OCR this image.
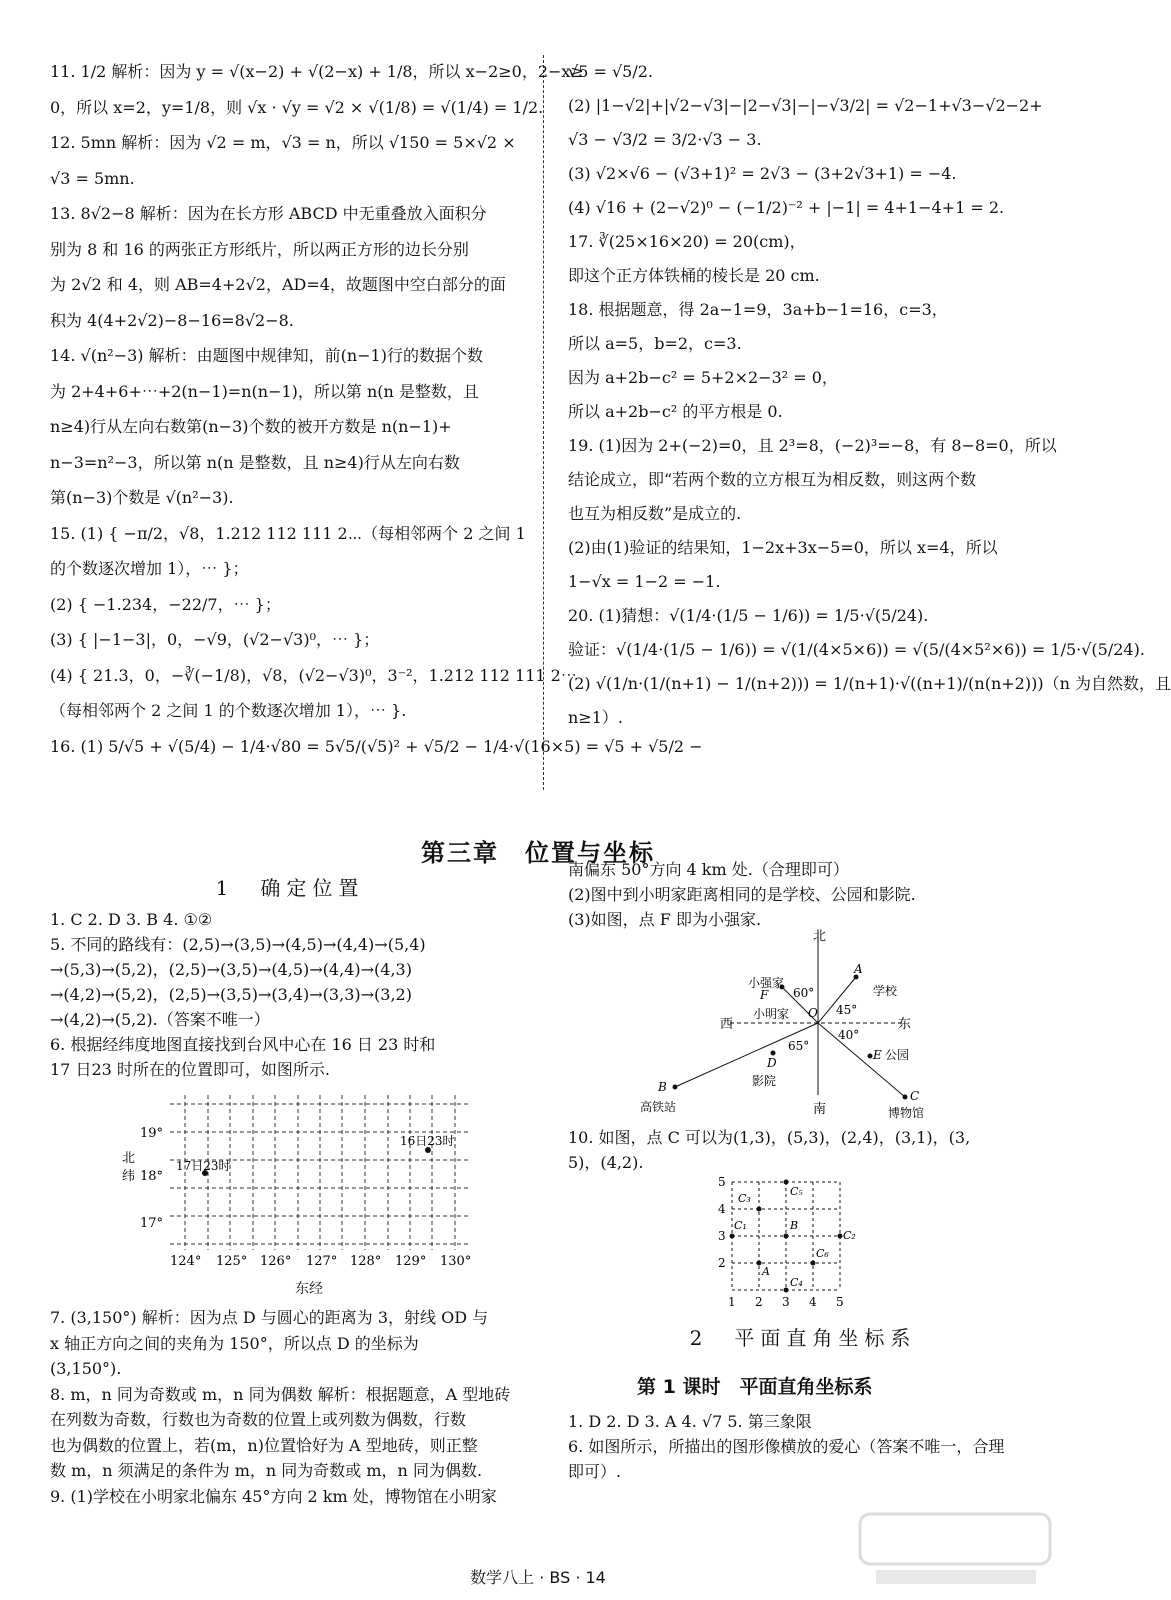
11. 1/2 解析：因为 y = √(x−2) + √(2−x) + 1/8，所以 x−2≥0，2−x≥
0，所以 x=2，y=1/8，则 √x · √y = √2 × √(1/8) = √(1/4) = 1/2.
12. 5mn 解析：因为 √2 = m，√3 = n，所以 √150 = 5×√2 ×
√3 = 5mn.
13. 8√2−8 解析：因为在长方形 ABCD 中无重叠放入面积分
别为 8 和 16 的两张正方形纸片，所以两正方形的边长分别
为 2√2 和 4，则 AB=4+2√2，AD=4，故题图中空白部分的面
积为 4(4+2√2)−8−16=8√2−8.
14. √(n²−3) 解析：由题图中规律知，前(n−1)行的数据个数
为 2+4+6+⋯+2(n−1)=n(n−1)，所以第 n(n 是整数，且
n≥4)行从左向右数第(n−3)个数的被开方数是 n(n−1)+
n−3=n²−3，所以第 n(n 是整数，且 n≥4)行从左向右数
第(n−3)个数是 √(n²−3).
15. (1) { −π/2，√8，1.212 112 111 2⋯（每相邻两个 2 之间 1
的个数逐次增加 1），⋯ }；
(2) { −1.234，−22/7，⋯ }；
(3) { |−1−3|，0，−√9，(√2−√3)⁰，⋯ }；
(4) { 21.3，0，−∛(−1/8)，√8，(√2−√3)⁰，3⁻²，1.212 112 111 2⋯
（每相邻两个 2 之间 1 的个数逐次增加 1），⋯ }.
16. (1) 5/√5 + √(5/4) − 1/4·√80 = 5√5/(√5)² + √5/2 − 1/4·√(16×5) = √5 + √5/2 −
√5 = √5/2.
(2) |1−√2|+|√2−√3|−|2−√3|−|−√3/2| = √2−1+√3−√2−2+
√3 − √3/2 = 3/2·√3 − 3.
(3) √2×√6 − (√3+1)² = 2√3 − (3+2√3+1) = −4.
(4) √16 + (2−√2)⁰ − (−1/2)⁻² + |−1| = 4+1−4+1 = 2.
17. ∛(25×16×20) = 20(cm)，
即这个正方体铁桶的棱长是 20 cm.
18. 根据题意，得 2a−1=9，3a+b−1=16，c=3，
所以 a=5，b=2，c=3.
因为 a+2b−c² = 5+2×2−3² = 0，
所以 a+2b−c² 的平方根是 0.
19. (1)因为 2+(−2)=0，且 2³=8，(−2)³=−8，有 8−8=0，所以
结论成立，即“若两个数的立方根互为相反数，则这两个数
也互为相反数”是成立的.
(2)由(1)验证的结果知，1−2x+3x−5=0，所以 x=4，所以
1−√x = 1−2 = −1.
20. (1)猜想：√(1/4·(1/5 − 1/6)) = 1/5·√(5/24).
验证：√(1/4·(1/5 − 1/6)) = √(1/(4×5×6)) = √(5/(4×5²×6)) = 1/5·√(5/24).
(2) √(1/n·(1/(n+1) − 1/(n+2))) = 1/(n+1)·√((n+1)/(n(n+2)))（n 为自然数，且
n≥1）.
第三章　位置与坐标
1　确定位置
1. C 2. D 3. B 4. ①②
5. 不同的路线有：(2,5)→(3,5)→(4,5)→(4,4)→(5,4)
→(5,3)→(5,2)，(2,5)→(3,5)→(4,5)→(4,4)→(4,3)
→(4,2)→(5,2)，(2,5)→(3,5)→(3,4)→(3,3)→(3,2)
→(4,2)→(5,2).（答案不唯一）
6. 根据经纬度地图直接找到台风中心在 16 日 23 时和
17 日23 时所在的位置即可，如图所示.
19°
18°
17°
北
纬
124° 125° 126° 127° 128° 129° 130°
16日23时
17日23时
东经
7. (3,150°) 解析：因为点 D 与圆心的距离为 3，射线 OD 与
x 轴正方向之间的夹角为 150°，所以点 D 的坐标为
(3,150°).
8. m，n 同为奇数或 m，n 同为偶数 解析：根据题意，A 型地砖
在列数为奇数，行数也为奇数的位置上或列数为偶数，行数
也为偶数的位置上，若(m，n)位置恰好为 A 型地砖，则正整
数 m，n 须满足的条件为 m，n 同为奇数或 m，n 同为偶数.
9. (1)学校在小明家北偏东 45°方向 2 km 处，博物馆在小明家
南偏东 50°方向 4 km 处.（合理即可）
(2)图中到小明家距离相同的是学校、公园和影院.
(3)如图，点 F 即为小强家.
北
南
西	东
小强家
F 60°
A
学校
小明家 O 45°
40°
65°
D
影院
E 公园
B
高铁站
C
博物馆
10. 如图，点 C 可以为(1,3)，(5,3)，(2,4)，(3,1)，(3,
5)，(4,2).
5
4
3
2
1 2 3 4 5
C₅
C₃
C₁	B
C₂
C₆
A
C₄
2　平面直角坐标系
第 1 课时　平面直角坐标系
1. D 2. D 3. A 4. √7 5. 第三象限
6. 如图所示，所描出的图形像横放的爱心（答案不唯一，合理
即可）.
数学八上 · BS · 14
